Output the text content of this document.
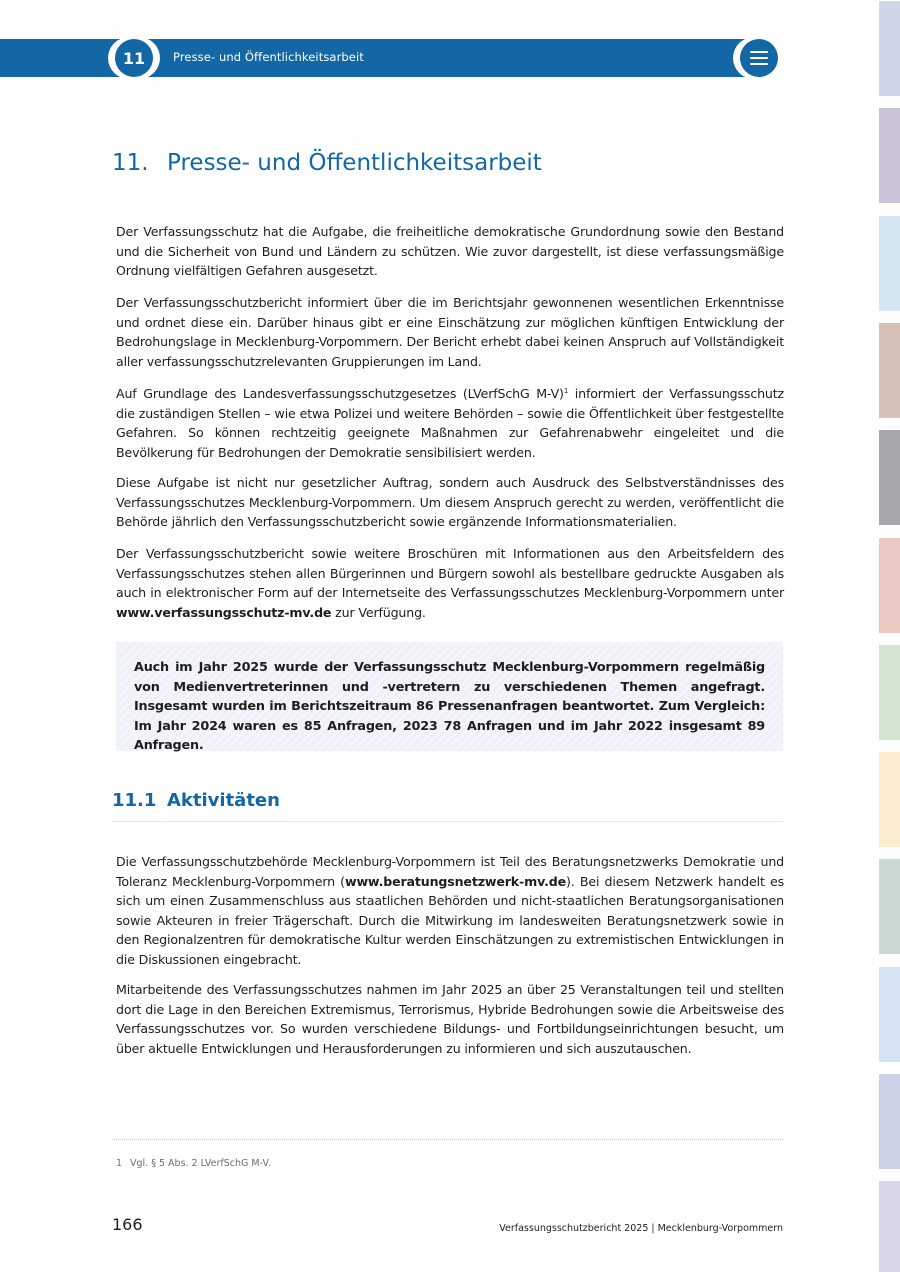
11	Presse- und Öffentlichkeitsarbeit
11. Presse- und Öffentlichkeitsarbeit

Der Verfassungsschutz hat die Aufgabe, die freiheitliche demokratische Grundordnung sowie den Bestand und die Sicherheit von Bund und Ländern zu schützen. Wie zuvor dargestellt, ist diese verfassungsmäßige Ordnung vielfältigen Gefahren ausgesetzt.

Der Verfassungsschutzbericht informiert über die im Berichtsjahr gewonnenen wesentlichen Erkenntnisse und ordnet diese ein. Darüber hinaus gibt er eine Einschätzung zur möglichen künftigen Entwicklung der Bedrohungslage in Mecklenburg-Vorpommern. Der Bericht erhebt dabei keinen Anspruch auf Vollständigkeit aller verfassungsschutzrelevanten Gruppierungen im Land.

Auf Grundlage des Landesverfassungsschutzgesetzes (LVerfSchG M-V)$^1$ informiert der Verfassungsschutz die zuständigen Stellen – wie etwa Polizei und weitere Behörden – sowie die Öffentlichkeit über festgestellte Gefahren. So können rechtzeitig geeignete Maßnahmen zur Gefahrenabwehr eingeleitet und die Bevölkerung für Bedrohungen der Demokratie sensibilisiert werden.

Diese Aufgabe ist nicht nur gesetzlicher Auftrag, sondern auch Ausdruck des Selbstverständnisses des Verfassungsschutzes Mecklenburg-Vorpommern. Um diesem Anspruch gerecht zu werden, veröffentlicht die Behörde jährlich den Verfassungsschutzbericht sowie ergänzende Informationsmaterialien.

Der Verfassungsschutzbericht sowie weitere Broschüren mit Informationen aus den Arbeitsfeldern des Verfassungsschutzes stehen allen Bürgerinnen und Bürgern sowohl als bestellbare gedruckte Ausgaben als auch in elektronischer Form auf der Internetseite des Verfassungsschutzes Mecklenburg-Vorpommern unter www.verfassungsschutz-mv.de zur Verfügung.

Auch im Jahr 2025 wurde der Verfassungsschutz Mecklenburg-Vorpommern regelmäßig von Medienvertreterinnen und -vertretern zu verschiedenen Themen angefragt. Insgesamt wurden im Berichtszeitraum 86 Pressenanfragen beantwortet. Zum Vergleich: Im Jahr 2024 waren es 85 Anfragen, 2023 78 Anfragen und im Jahr 2022 insgesamt 89 Anfragen.

11.1 Aktivitäten

Die Verfassungsschutzbehörde Mecklenburg-Vorpommern ist Teil des Beratungsnetzwerks Demokratie und Toleranz Mecklenburg-Vorpommern (www.beratungsnetzwerk-mv.de). Bei diesem Netzwerk handelt es sich um einen Zusammenschluss aus staatlichen Behörden und nicht-staatlichen Beratungsorganisationen sowie Akteuren in freier Trägerschaft. Durch die Mitwirkung im landesweiten Beratungsnetzwerk sowie in den Regionalzentren für demokratische Kultur werden Einschätzungen zu extremistischen Entwicklungen in die Diskussionen eingebracht.

Mitarbeitende des Verfassungsschutzes nahmen im Jahr 2025 an über 25 Veranstaltungen teil und stellten dort die Lage in den Bereichen Extremismus, Terrorismus, Hybride Bedrohungen sowie die Arbeitsweise des Verfassungsschutzes vor. So wurden verschiedene Bildungs- und Fortbildungseinrichtungen besucht, um über aktuelle Entwicklungen und Herausforderungen zu informieren und sich auszutauschen.

1 Vgl. § 5 Abs. 2 LVerfSchG M-V.
166	Verfassungsschutzbericht 2025 | Mecklenburg-Vorpommern
